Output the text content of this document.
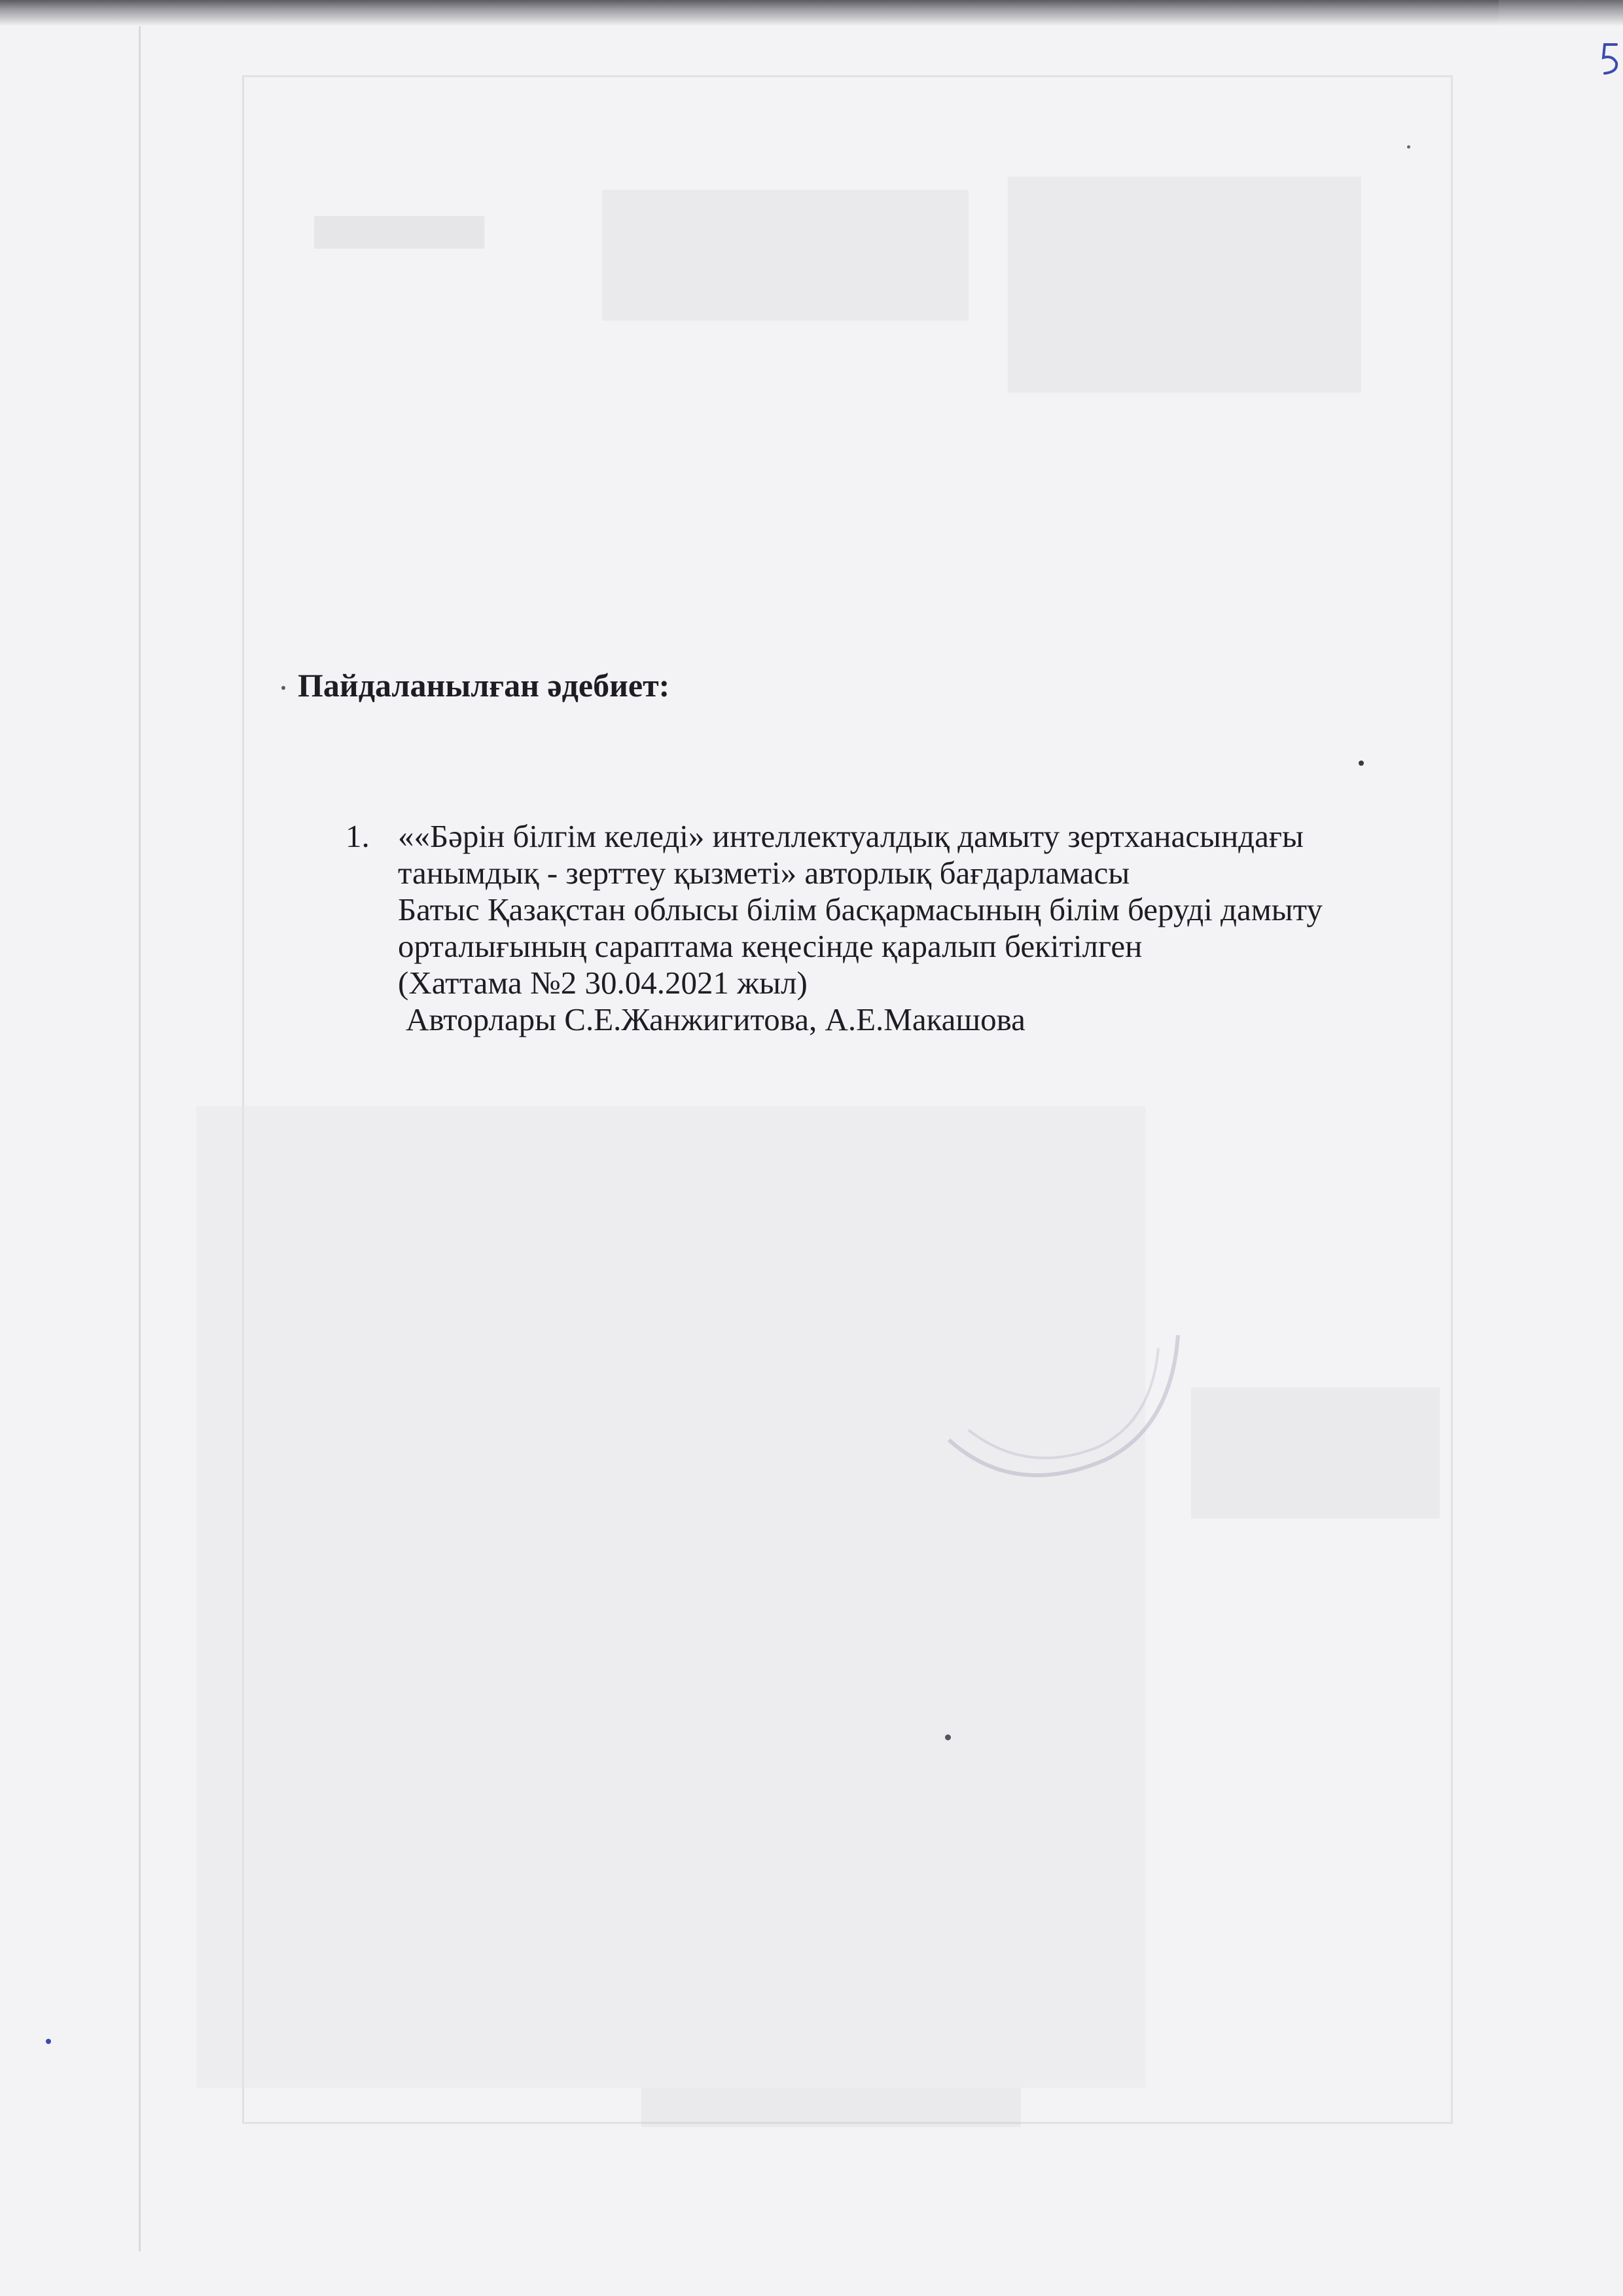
Пайдаланылған әдебиет:
1. ««Бәрін білгім келеді» интеллектуалдық дамыту зертханасындағы
танымдық - зерттеу қызметі» авторлық бағдарламасы
Батыс Қазақстан облысы білім басқармасының білім беруді дамыту
орталығының сараптама кеңесінде қаралып бекітілген
(Хаттама №2 30.04.2021 жыл)
Авторлары С.Е.Жанжигитова, А.Е.Макашова
